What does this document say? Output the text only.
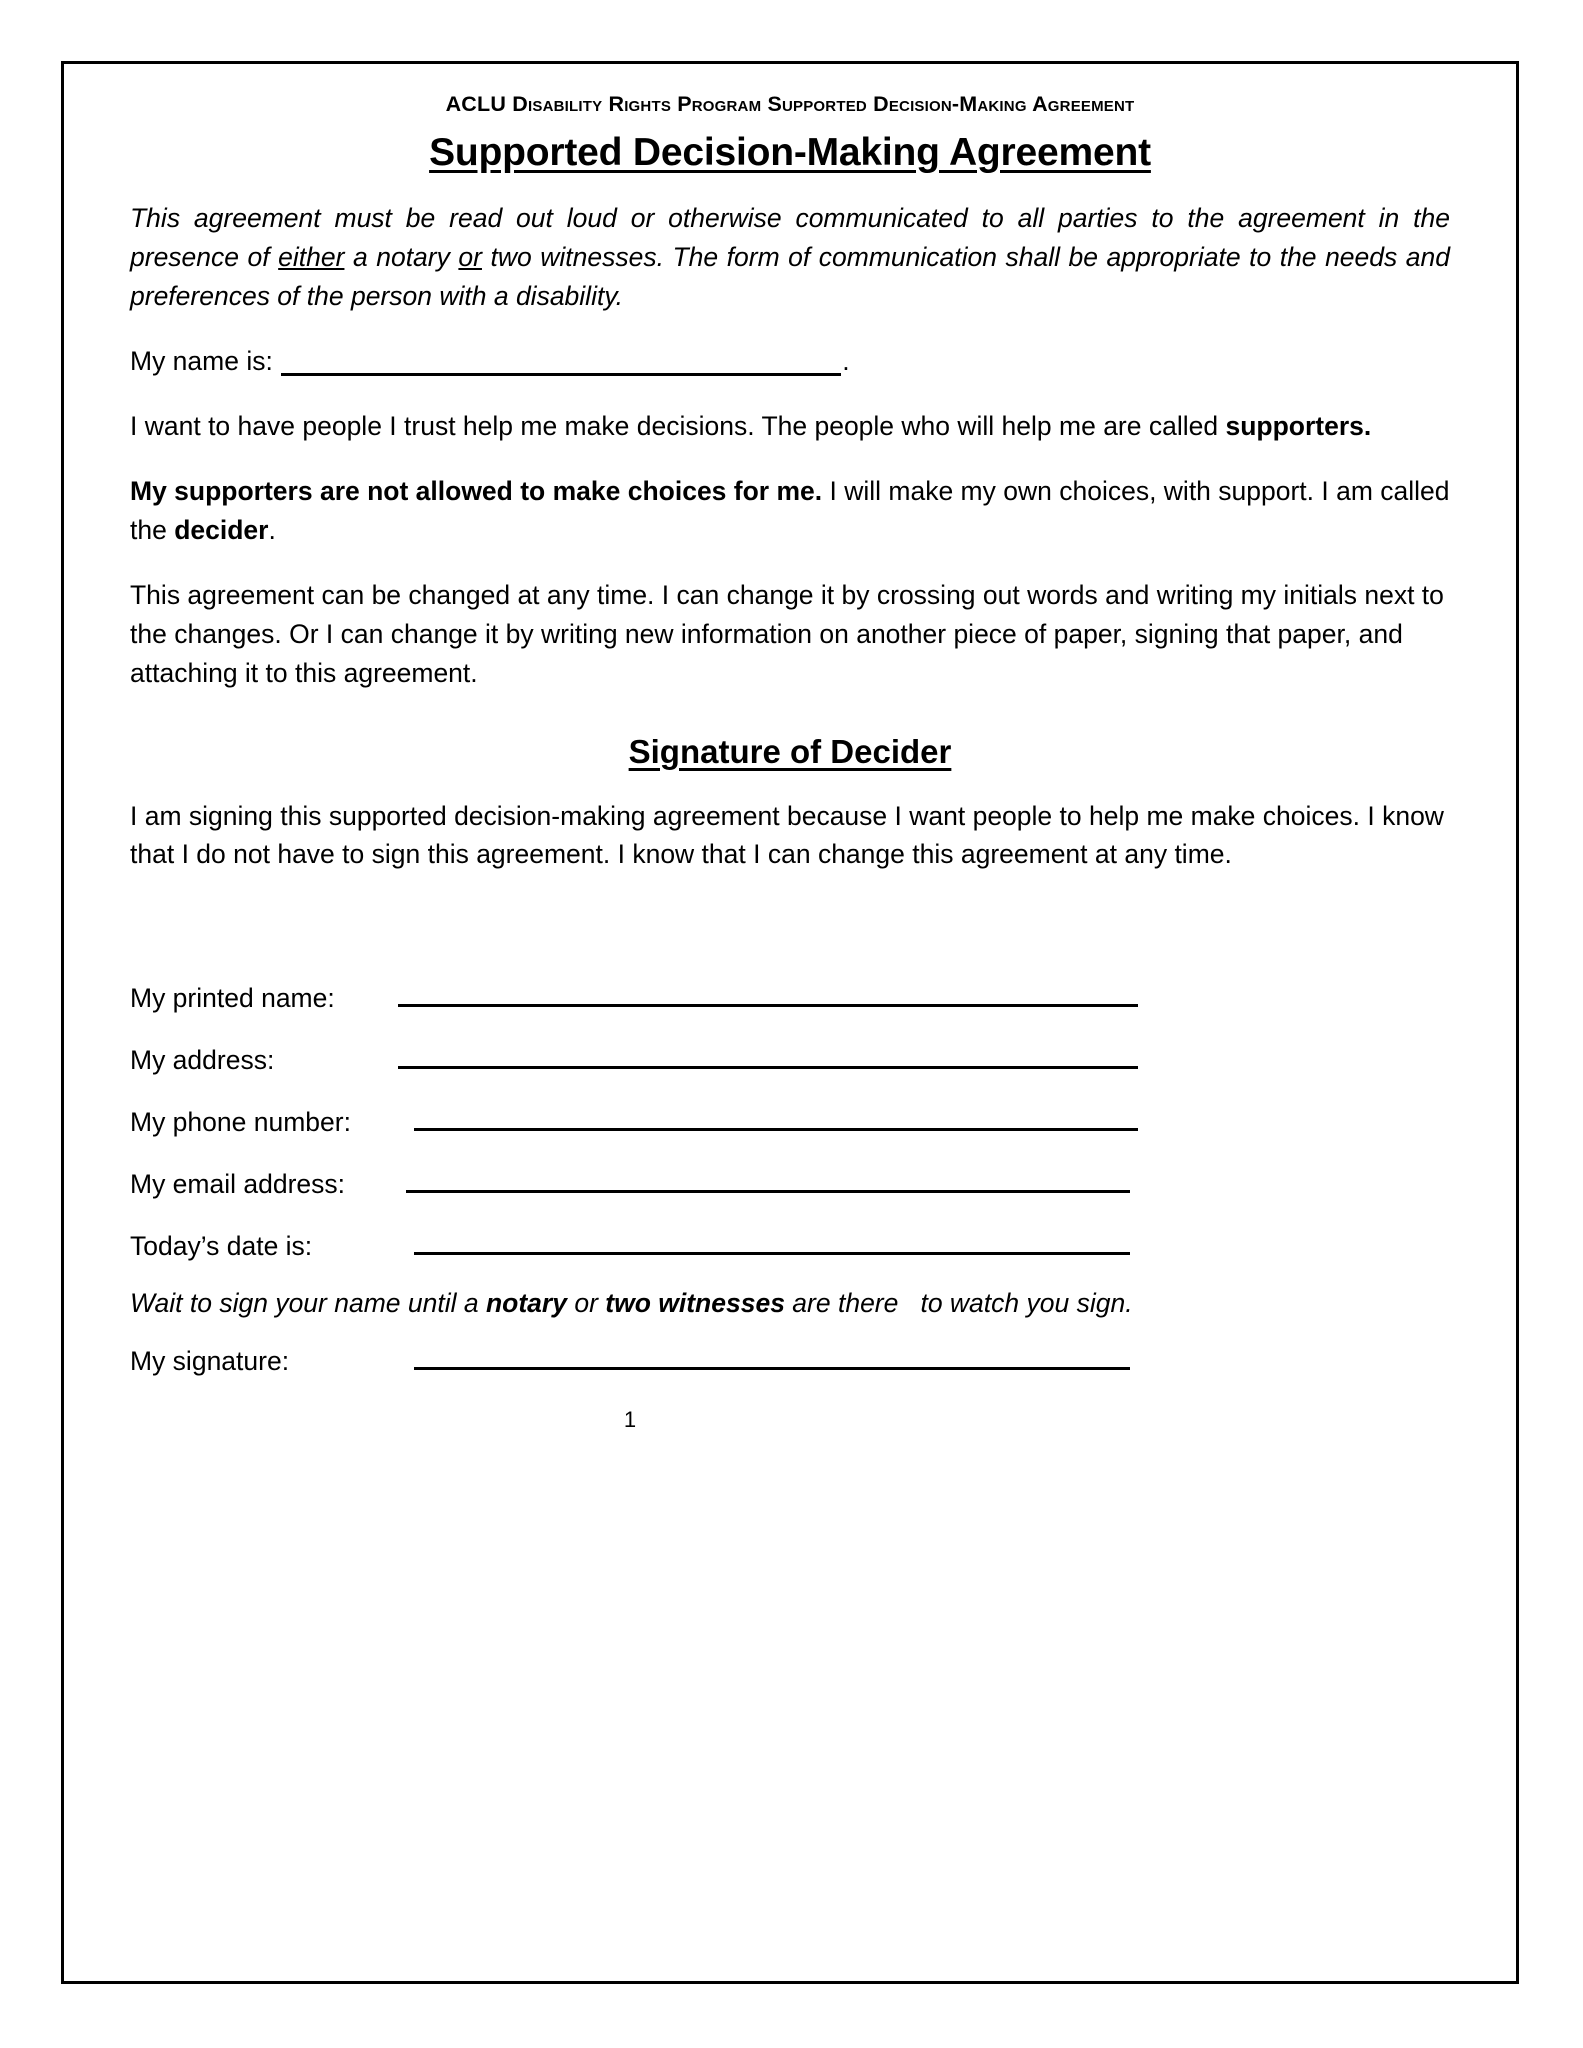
ACLU Disability Rights Program Supported Decision-Making Agreement
Supported Decision-Making Agreement

This agreement must be read out loud or otherwise communicated to all parties to the agreement in the presence of either a notary or two witnesses. The form of communication shall be appropriate to the needs and preferences of the person with a disability.

My name is:	.

I want to have people I trust help me make decisions. The people who will help me are called supporters.

My supporters are not allowed to make choices for me. I will make my own choices, with support. I am called the decider.

This agreement can be changed at any time. I can change it by crossing out words and writing my initials next to the changes. Or I can change it by writing new information on another piece of paper, signing that paper, and attaching it to this agreement.

Signature of Decider

I am signing this supported decision-making agreement because I want people to help me make choices. I know that I do not have to sign this agreement. I know that I can change this agreement at any time.

My printed name:
My address:
My phone number:
My email address:
Today’s date is:
Wait to sign your name until a notary or two witnesses are there   to watch you sign.
My signature:
1
